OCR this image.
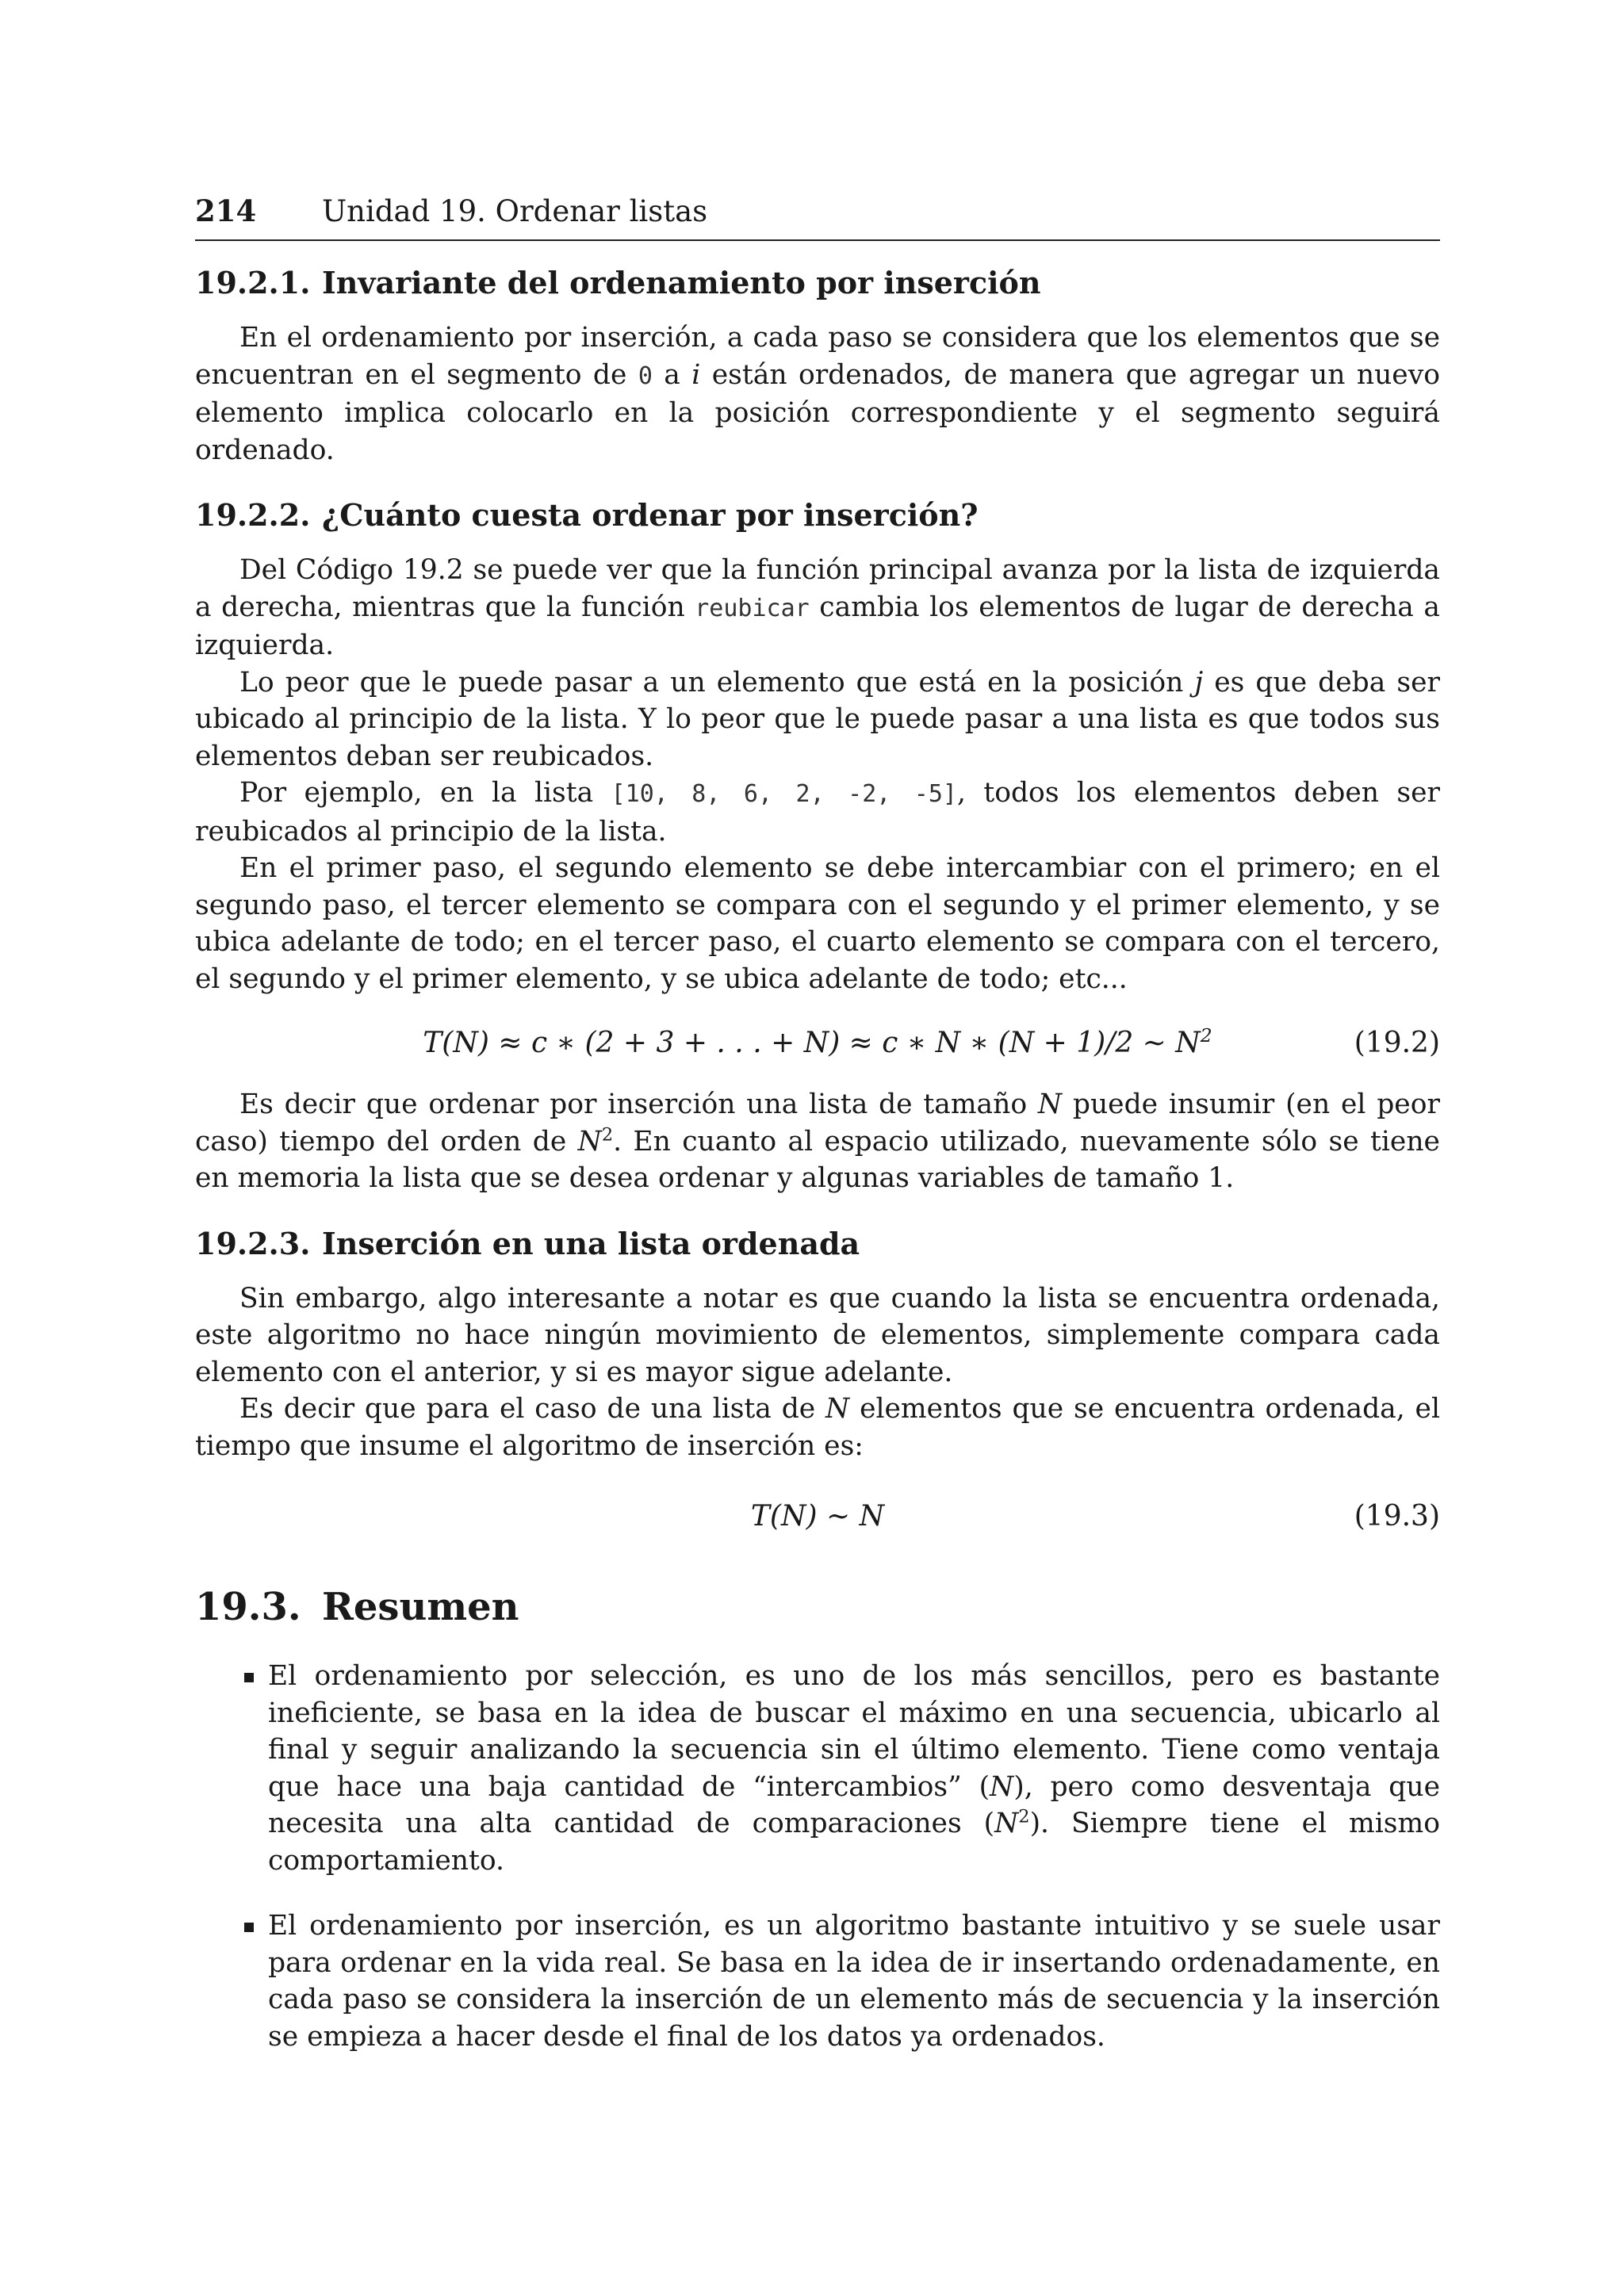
214	Unidad 19. Ordenar listas
19.2.1. Invariante del ordenamiento por inserción

En el ordenamiento por inserción, a cada paso se considera que los elementos que se encuentran en el segmento de 0 a i están ordenados, de manera que agregar un nuevo elemento implica colocarlo en la posición correspondiente y el segmento seguirá ordenado.

19.2.2. ¿Cuánto cuesta ordenar por inserción?

Del Código 19.2 se puede ver que la función principal avanza por la lista de izquierda a derecha, mientras que la función reubicar cambia los elementos de lugar de derecha a izquierda.

Lo peor que le puede pasar a un elemento que está en la posición j es que deba ser ubicado al principio de la lista. Y lo peor que le puede pasar a una lista es que todos sus elementos deban ser reubicados.

Por ejemplo, en la lista [10, 8, 6, 2, -2, -5], todos los elementos deben ser reubicados al principio de la lista.

En el primer paso, el segundo elemento se debe intercambiar con el primero; en el segundo paso, el tercer elemento se compara con el segundo y el primer elemento, y se ubica adelante de todo; en el tercer paso, el cuarto elemento se compara con el tercero, el segundo y el primer elemento, y se ubica adelante de todo; etc...

T(N) ≈ c ∗ (2 + 3 + . . . + N) ≈ c ∗ N ∗ (N + 1)/2 ∼ $N^2$	(19.2)

Es decir que ordenar por inserción una lista de tamaño N puede insumir (en el peor caso) tiempo del orden de $N^2$. En cuanto al espacio utilizado, nuevamente sólo se tiene en memoria la lista que se desea ordenar y algunas variables de tamaño 1.

19.2.3. Inserción en una lista ordenada

Sin embargo, algo interesante a notar es que cuando la lista se encuentra ordenada, este algoritmo no hace ningún movimiento de elementos, simplemente compara cada elemento con el anterior, y si es mayor sigue adelante.

Es decir que para el caso de una lista de N elementos que se encuentra ordenada, el tiempo que insume el algoritmo de inserción es:

T(N) ∼ N	(19.3)
19.3. Resumen
El ordenamiento por selección, es uno de los más sencillos, pero es bastante ineficiente, se basa en la idea de buscar el máximo en una secuencia, ubicarlo al final y seguir analizando la secuencia sin el último elemento. Tiene como ventaja que hace una baja cantidad de “intercambios” (N), pero como desventaja que necesita una alta cantidad de comparaciones $(N^2)$. Siempre tiene el mismo comportamiento.
El ordenamiento por inserción, es un algoritmo bastante intuitivo y se suele usar para ordenar en la vida real. Se basa en la idea de ir insertando ordenadamente, en cada paso se considera la inserción de un elemento más de secuencia y la inserción se empieza a hacer desde el final de los datos ya ordenados.
